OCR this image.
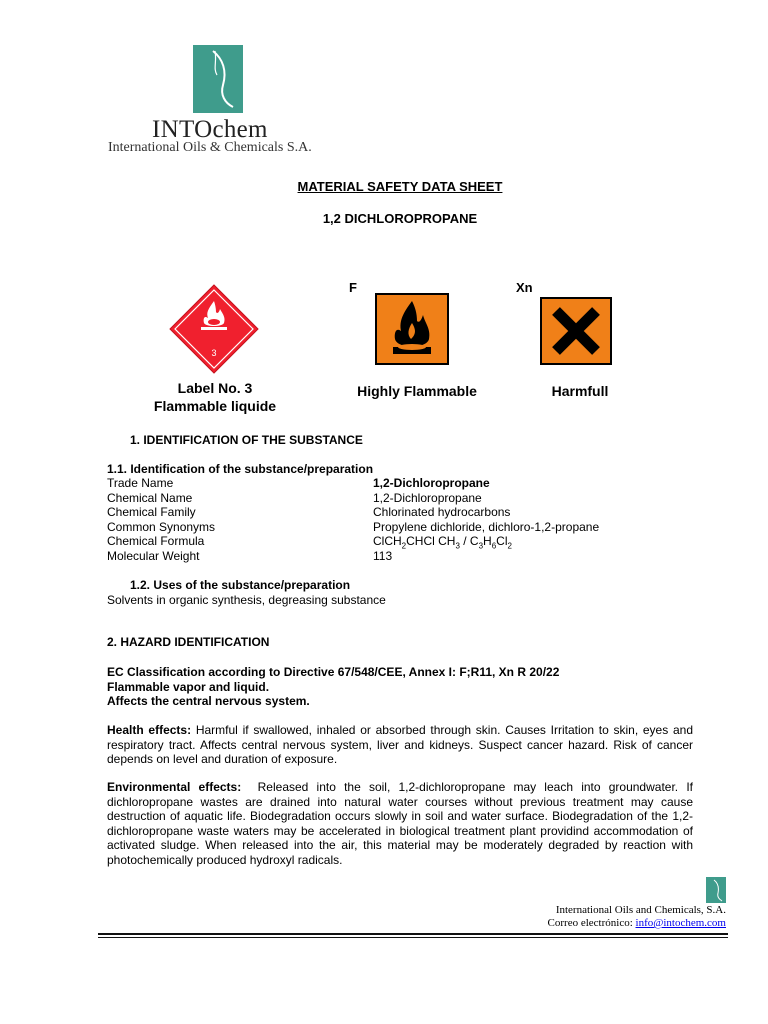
INTOchem
International Oils & Chemicals S.A.
MATERIAL SAFETY DATA SHEET
1,2 DICHLOROPROPANE
F	Xn
3
Label No. 3
Flammable liquide
Highly Flammable	Harmfull
1. IDENTIFICATION OF THE SUBSTANCE
1.1. Identification of the substance/preparation
Trade Name	1,2-Dichloropropane
Chemical Name	1,2-Dichloropropane
Chemical Family	Chlorinated hydrocarbons
Common Synonyms	Propylene dichloride, dichloro-1,2-propane
Chemical Formula	ClCH$_2$CHCl $CH_3 / C_3H_6Cl_2$
Molecular Weight	113
1.2. Uses of the substance/preparation
Solvents in organic synthesis, degreasing substance
2. HAZARD IDENTIFICATION
EC Classification according to Directive 67/548/CEE, Annex I: F;R11, Xn R 20/22
Flammable vapor and liquid.
Affects the central nervous system.
Health effects: Harmful if swallowed, inhaled or absorbed through skin. Causes Irritation to skin, eyes and respiratory tract. Affects central nervous system, liver and kidneys. Suspect cancer hazard. Risk of cancer depends on level and duration of exposure.
Environmental effects: Released into the soil, 1,2-dichloropropane may leach into groundwater. If dichloropropane wastes are drained into natural water courses without previous treatment may cause destruction of aquatic life. Biodegradation occurs slowly in soil and water surface. Biodegradation of the 1,2-dichloropropane waste waters may be accelerated in biological treatment plant providind accommodation of activated sludge. When released into the air, this material may be moderately degraded by reaction with photochemically produced hydroxyl radicals.
International Oils and Chemicals, S.A.
Correo electrónico: info@intochem.com
